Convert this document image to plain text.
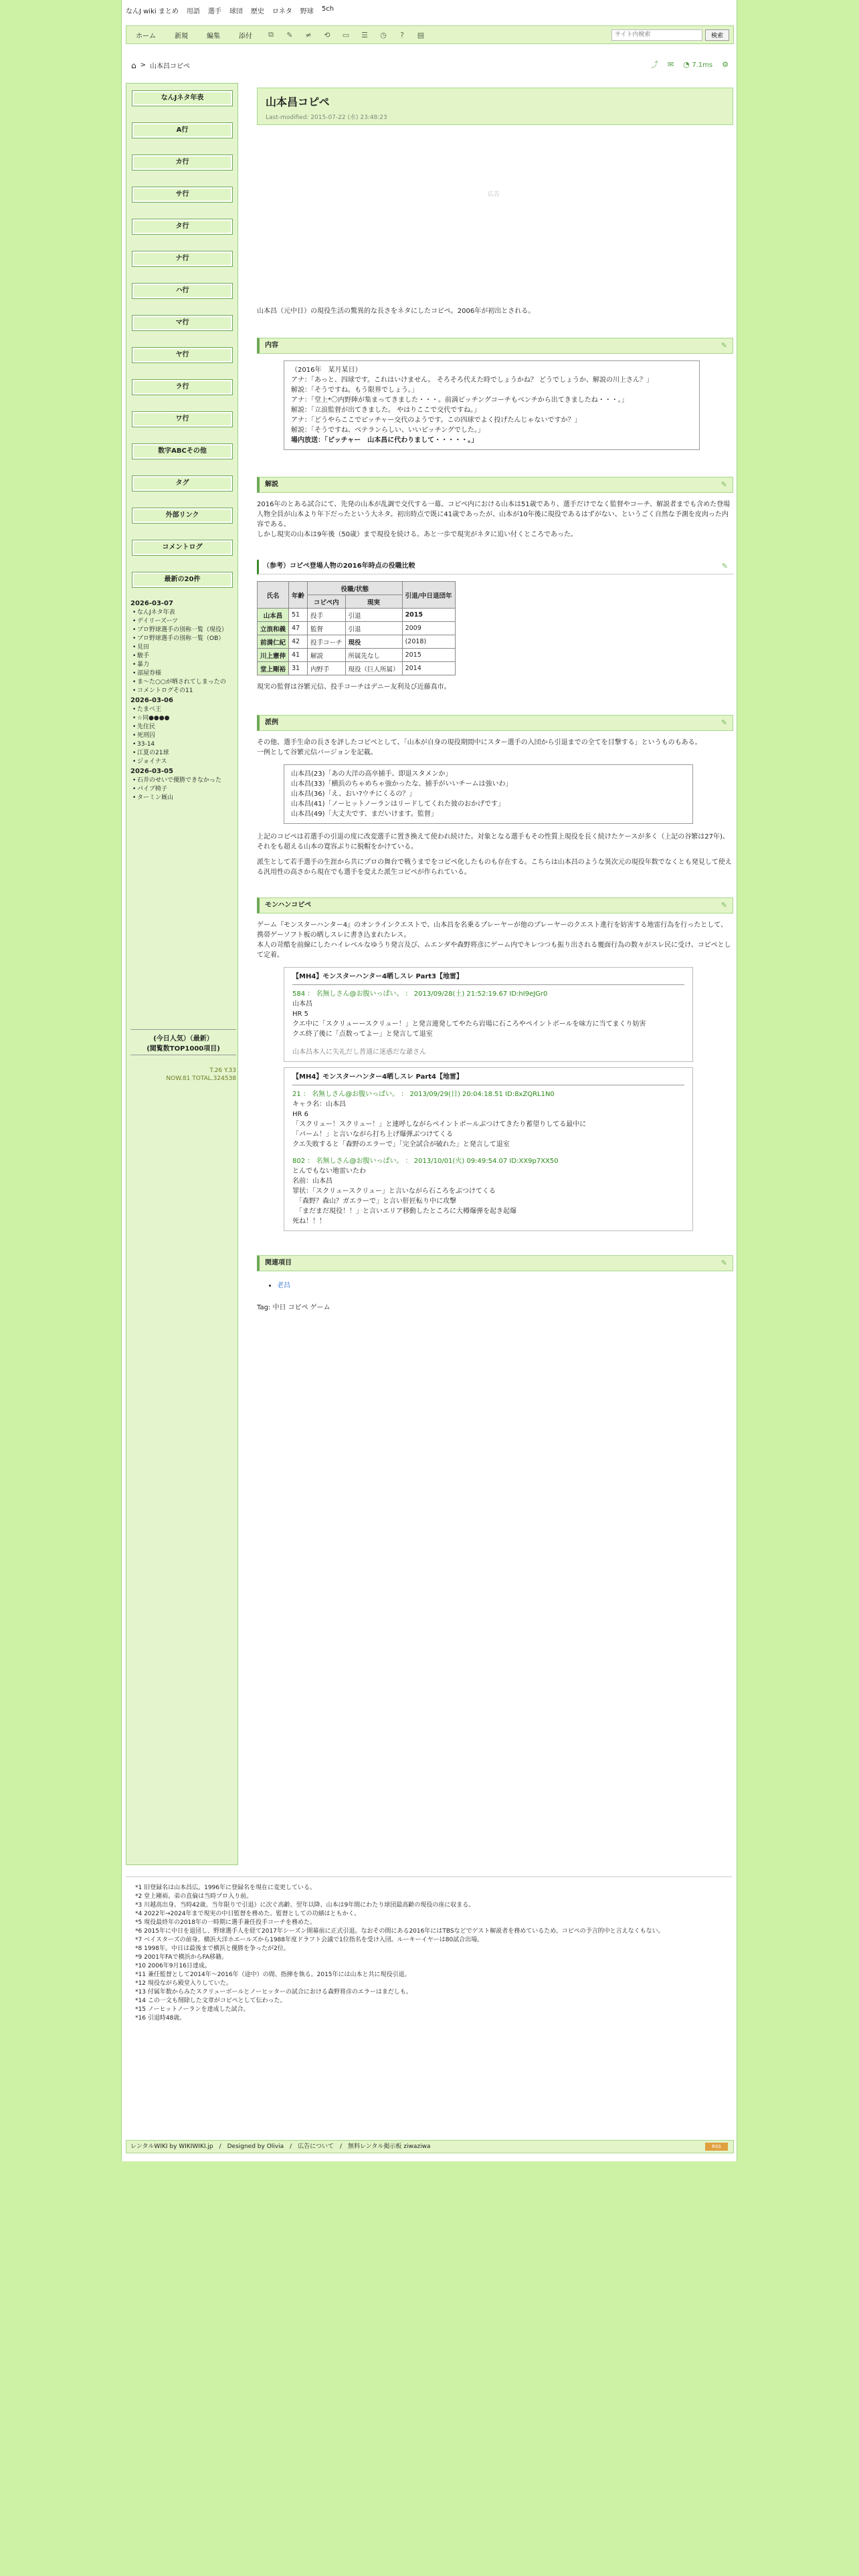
なんJ wiki まとめ 用語 選手 球団 歴史 ロネタ 野球 5ch
ホーム	新規	編集	添付	⧉	✎	≠	⟲	▭	☰	◷	?	▤
サイト内検索	検索
⌂ > 山本昌コピペ	⤴ ✉ ◔ 7.1ms ⚙
なんJネタ年表
A行
カ行
サ行
タ行
ナ行
ハ行
マ行
ヤ行
ラ行
ワ行
数字ABCその他
タグ
外部リンク
コメントログ
最新の20件
2026-03-07
• なんJネタ年表
• デイリーズーツ
• プロ野球選手の別称一覧（現役）
• プロ野球選手の別称一覧（OB）
• 見田
• 駿手
• 暴力
• 部屋券様
• ま〜た○○が晒されてしまったの
• コメントログその11
2026-03-06
• たまべ王
• ☆同●●●●
• 先住民
• 死刑囚
• 33-14
• 江夏の21球
• ジョイナス
2026-03-05
• 石井のせいで優勝できなかった
• パイプ椅子
• ターミン厩山
(今日人気）（最新）
(閲覧数TOP1000項目)
T.26 Y.33
NOW.81 TOTAL.324538
山本昌コピペ
Last-modified: 2015-07-22 (水) 23:48:23
広告

山本昌（元中日）の現役生活の驚異的な長さをネタにしたコピペ。2006年が初出とされる。

内容	✎
（2016年　某月某日）
アナ：「あっと、四球です。これはいけません。 そろそろ代えた時でしょうかね？ どうでしょうか、解説の川上さん？」
解説：「そうですね。もう限界でしょう。」
アナ：「堂上*〇内野陣が集まってきました・・・。前満ピッチングコーチもベンチから出てきましたね・・・。」
解説：「立浪監督が出てきました。 やはりここで交代ですね。」
アナ：「どうやらここでピッチャー交代のようです。この四球でよく投げたんじゃないですか？」
解説：「そうですね、ベテランらしい、いいピッチングでした。」
場内放送：「ピッチャー　山本昌に代わりまして・・・・・。」
解説	✎

2016年のとある試合にて、先発の山本が乱調で交代する一幕。コピペ内における山本は51歳であり、選手だけでなく監督やコーチ、解説者までも含めた登場人物全員が山本より年下だったという大ネタ。初出時点で既に41歳であったが、山本が10年後に現役であるはずがない、というごく自然な予測を皮肉った内容である。

しかし現実の山本は9年後（50歳）まで現役を続ける。あと一歩で現実がネタに追い付くところであった。

（参考）コピペ登場人物の2016年時点の役職比較	✎
氏名	年齢	役職/状態		引退/中日退団年
		コピペ内	現実	
山本昌	51	投手	引退	2015
立浪和義	47	監督	引退	2009
前満仁紀	42	投手コーチ	現役	(2018)
川上憲伸	41	解説	所属先なし	2015
堂上剛裕	31	内野手	現役（巨人所属）	2014

現実の監督は谷繁元信、投手コーチはデニー友利及び近藤真市。

派例	✎

その他、選手生命の長さを評したコピペとして、「山本が自身の現役期間中にスター選手の入団から引退までの全てを目撃する」というものもある。

一例として谷繁元信バージョンを記載。

山本昌(23)「あの大洋の高卒捕手、即退スタメンか」
山本昌(33)「横浜のちゃめちゃ強かったな、捕手がいいチームは強いわ」
山本昌(36)「え、おい?ウチにくるの？」
山本昌(41)「ノーヒットノーランはリードしてくれた彼のおかげです」
山本昌(49)「大丈夫です、まだいけます。監督」

上記のコピペは若選手の引退の度に改変選手に置き換えて使われ続けた。対象となる選手もその性質上現役を長く続けたケースが多く（上記の谷繁は27年)、それをも超える山本の寛容ぶりに脱帽をかけている。

派生として若手選手の生涯から共にプロの舞台で戦うまでをコピペ化したものも存在する。こちらは山本昌のような異次元の現役年数でなくとも発見して使える汎用性の高さから現在でも選手を変えた派生コピペが作られている。

モンハンコピペ	✎

ゲーム『モンスターハンター4』のオンラインクエストで、山本昌を名乗るプレーヤーが他のプレーヤーのクエスト進行を妨害する地雷行為を行ったとして、携帯ゲーソフト板の晒しスレに書き込まれたレス。

本人の苛酷を前線にしたハイレベルなゆうり発言及び、ムエンダや森野将彦にゲーム内でキレつつも振り出される覆面行為の数々がスレ民に受け、コピペとして定着。

【MH4】モンスターハンター4晒しスレ Part3【地雷】
584 ： 名無しさん@お腹いっぱい。 ： 2013/09/28(土) 21:52:19.67 ID:hI9eJGr0
山本昌
HR 5
クエ中に「スクリューースクリュー！」と発言連発してやたら岩場に石ころやペイントボールを味方に当てまくり妨害
クエ終了後に「点数ってよー」と発言して退室
山本昌本人に失礼だし普通に迷惑だな爺さん
【MH4】モンスターハンター4晒しスレ Part4【地雷】
21 ： 名無しさん@お腹いっぱい。 ： 2013/09/29(日) 20:04:18.51 ID:8xZQRL1N0
キャラ名：山本昌
HR 6
「スクリュー！スクリュー！」と連呼しながらペイントボールぶつけてきたり蓄望りしてる最中に
「パーム！」と言いながら打ち上げ爆弾ぶつけてくる
クエ失敗すると「森野のエラーで」「完全試合が破れた」と発言して退室
802 ： 名無しさん@お腹いっぱい。 ： 2013/10/01(火) 09:49:54.07 ID:XX9p7XX50
とんでもない地雷いたわ
名前：山本昌
罪状：「スクリュースクリュー」と言いながら石ころをぶつけてくる
　「森野？森山？ガエラーで」と言い肝匠転り中に攻撃
　「まだまだ現役！！」と言いエリア移動したところに大樽爆弾を起き起爆
死ね！！！
関連項目	✎
• 老昌

Tag: 中日 コピペ ゲーム

*1 旧登録名は山本昌広。1996年に登録名を現在に変更している。
*2 堂上剛裕。弟の直倫は当時プロ入り前。
*3 川越高出身。当時42歳、当年限りで引退）に次ぐ高齢。翌年以降、山本は9年間にわたり球団最高齢の現役の座に収まる。
*4 2022年→2024年まで現実の中日監督を務めた。監督としての功績はともかく。
*5 現役最終年の2018年の一時期に選手兼任投手コーチを務めた。
*6 2015年に中日を退団し、野球選手人を経て2017年シーズン開幕前に正式引退。なおその間にある2016年にはTBSなどでゲスト解説者を務めているため、コピペの予言的中と言えなくもない。
*7 ベイスターズの前身。横浜大洋ホエールズから1988年度ドラフト会議で1位指名を受け入団。ルーキーイヤーは80試合出場。
*8 1998年。中日は最後まで横浜と優勝を争ったが2位。
*9 2001年FAで横浜からFA移籍。
*10 2006年9月16日達成。
*11 兼任監督として2014年〜2016年（途中）の間、指揮を執る。2015年には山本と共に現役引退。
*12 現役ながら殿堂入りしていた。
*13 付属年数からみたスクリューボールとノーヒッターの試合における森野将彦のエラーはまだしも。
*14 この一文も削除した文章がコピペとして伝わった。
*15 ノーヒットノーランを達成した試合。
*16 引退時48歳。
レンタルWIKI by WIKIWIKI.jp　/　Designed by Olivia　/　広告について　/　無料レンタル掲示板 ziwaziwa	RSS
